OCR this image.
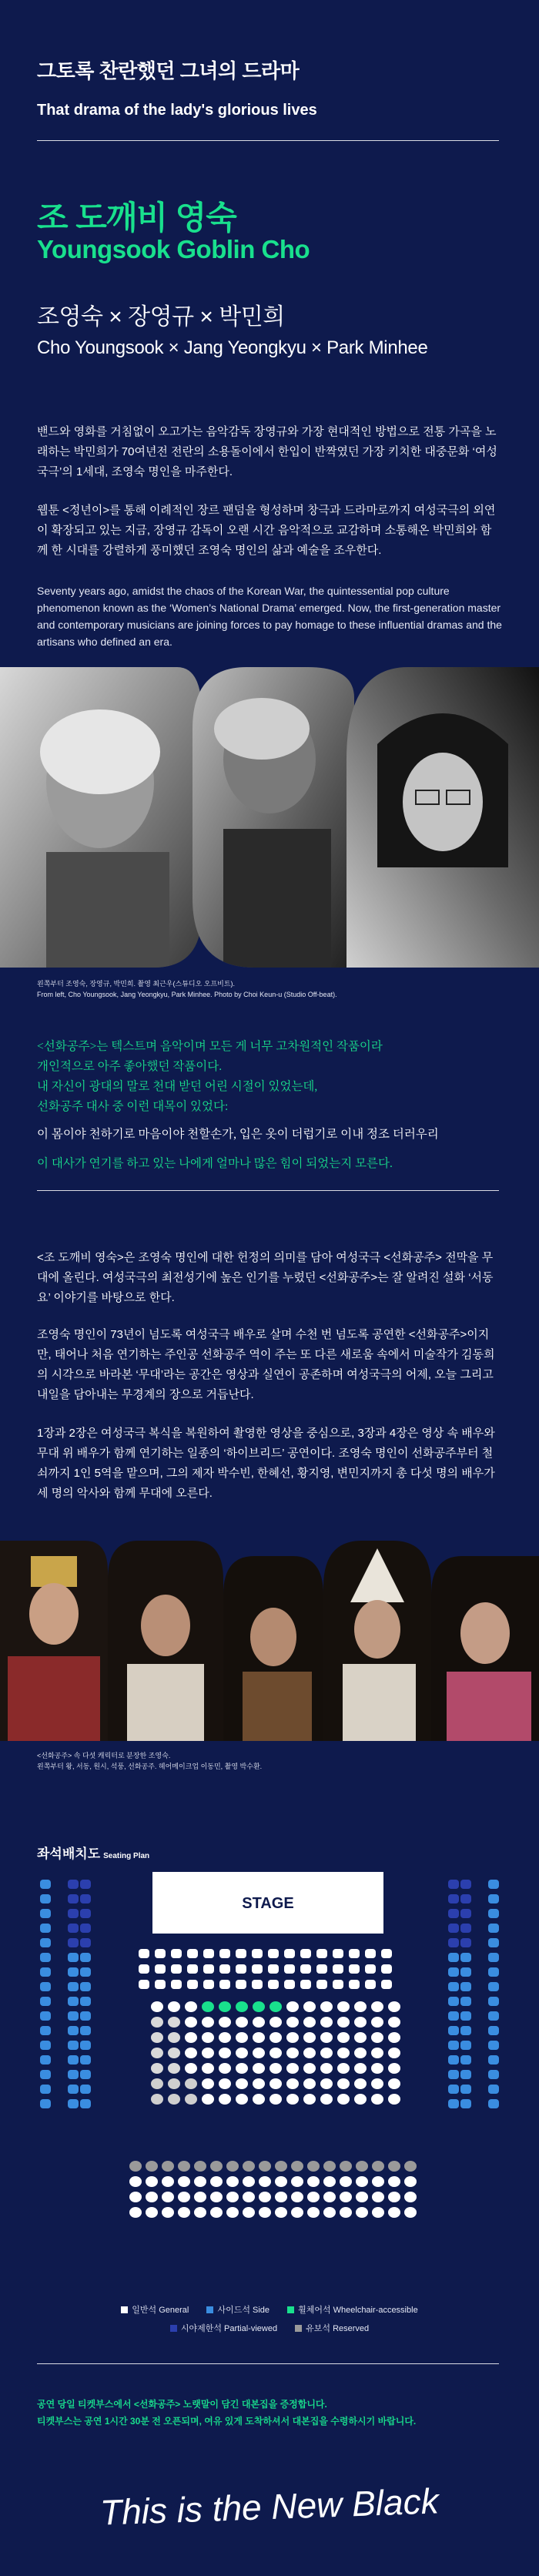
그토록 찬란했던 그녀의 드라마
That drama of the lady's glorious lives
조 도깨비 영숙
Youngsook Goblin Cho
조영숙 × 장영규 × 박민희
Cho Youngsook × Jang Yeongkyu × Park Minhee
밴드와 영화를 거침없이 오고가는 음악감독 장영규와 가장 현대적인 방법으로 전통 가곡을 노래하는 박민희가 70여년전 전란의 소용돌이에서 한입이 반짝였던 가장 키치한 대중문화 ‘여성국극’의 1세대, 조영숙 명인을 마주한다.
웹툰 <정년이>를 통해 이례적인 장르 팬덤을 형성하며 창극과 드라마로까지 여성국극의 외연이 확장되고 있는 지금, 장영규 감독이 오랜 시간 음악적으로 교감하며 소통해온 박민희와 함께 한 시대를 강렬하게 풍미했던 조영숙 명인의 삶과 예술을 조우한다.
Seventy years ago, amidst the chaos of the Korean War, the quintessential pop culture phenomenon known as the ‘Women’s National Drama’ emerged. Now, the first-generation master and contemporary musicians are joining forces to pay homage to these influential dramas and the artisans who defined an era.
왼쪽부터 조영숙, 장영규, 박민희. 촬영 최근우(스튜디오 오프비트).
From left, Cho Youngsook, Jang Yeongkyu, Park Minhee. Photo by Choi Keun-u (Studio Off-beat).
<선화공주>는 텍스트며 음악이며 모든 게 너무 고차원적인 작품이라
개인적으로 아주 좋아했던 작품이다.
내 자신이 광대의 말로 천대 받던 어린 시절이 있었는데,
선화공주 대사 중 이런 대목이 있었다:
이 몸이야 천하기로 마음이야 천할손가, 입은 옷이 더럽기로 이내 정조 더러우리
이 대사가 연기를 하고 있는 나에게 얼마나 많은 힘이 되었는지 모른다.
<조 도깨비 영숙>은 조영숙 명인에 대한 헌정의 의미를 담아 여성국극 <선화공주> 전막을 무대에 올린다. 여성국극의 최전성기에 높은 인기를 누렸던 <선화공주>는 잘 알려진 설화 ‘서동요’ 이야기를 바탕으로 한다.
조영숙 명인이 73년이 넘도록 여성국극 배우로 살며 수천 번 넘도록 공연한 <선화공주>이지만, 태어나 처음 연기하는 주인공 선화공주 역이 주는 또 다른 새로움 속에서 미술작가 김동희의 시각으로 바라본 ‘무대’라는 공간은 영상과 실연이 공존하며 여성국극의 어제, 오늘 그리고 내일을 담아내는 무경계의 장으로 거듭난다.
1장과 2장은 여성국극 복식을 복원하여 촬영한 영상을 중심으로, 3장과 4장은 영상 속 배우와 무대 위 배우가 함께 연기하는 일종의 ‘하이브리드’ 공연이다. 조영숙 명인이 선화공주부터 철쇠까지 1인 5역을 맡으며, 그의 제자 박수빈, 한혜선, 황지영, 변민지까지 총 다섯 명의 배우가 세 명의 악사와 함께 무대에 오른다.
<선화공주> 속 다섯 캐릭터로 분장한 조영숙.
왼쪽부터 왕, 서동, 원시, 석풍, 선화공주. 헤어메이크업 이동민, 촬영 박수환.
좌석배치도 Seating Plan
STAGE
일반석 General
	사이드석 Side
	휠체어석 Wheelchair-accessible
시야제한석 Partial-viewed
	유보석 Reserved
공연 당일 티켓부스에서 <선화공주> 노랫말이 담긴 대본집을 증정합니다.
티켓부스는 공연 1시간 30분 전 오픈되며, 여유 있게 도착하셔서 대본집을 수령하시기 바랍니다.
This is the New Black
